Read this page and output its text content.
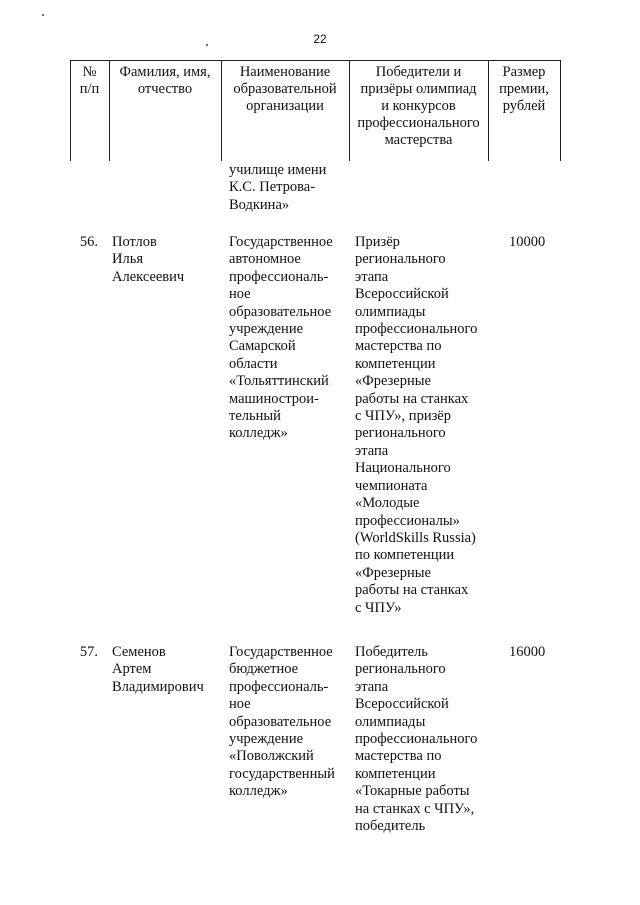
22
№
п/п
Фамилия, имя,
отчество
Наименование
образовательной
организации
Победители и
призёры олимпиад
и конкурсов
профессионального
мастерства
Размер
премии,
рублей
училище имени
К.С. Петрова-
Водкина»
56. Потлов
Илья
Алексеевич
Государственное
автономное
профессиональ-
ное
образовательное
учреждение
Самарской
области
«Тольяттинский
машинострои-
тельный
колледж»
Призёр
регионального
этапа
Всероссийской
олимпиады
профессионального
мастерства по
компетенции
«Фрезерные
работы на станках
с ЧПУ», призёр
регионального
этапа
Национального
чемпионата
«Молодые
профессионалы»
(WorldSkills Russia)
по компетенции
«Фрезерные
работы на станках
с ЧПУ»
10000
57. Семенов
Артем
Владимирович
Государственное
бюджетное
профессиональ-
ное
образовательное
учреждение
«Поволжский
государственный
колледж»
Победитель
регионального
этапа
Всероссийской
олимпиады
профессионального
мастерства по
компетенции
«Токарные работы
на станках с ЧПУ»,
победитель
16000
